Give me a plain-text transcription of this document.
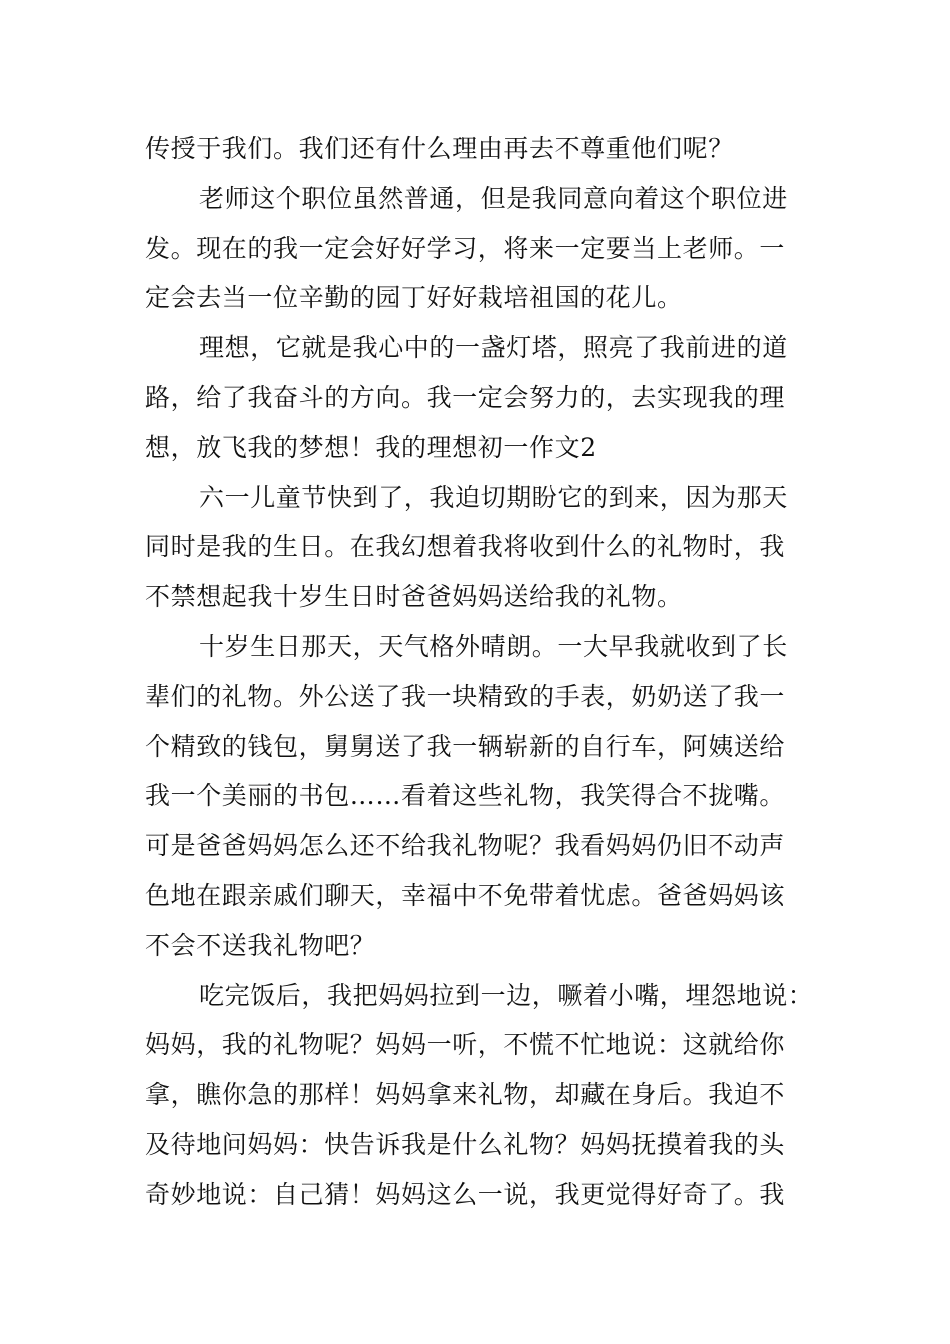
传授于我们。我们还有什么理由再去不尊重他们呢？
老师这个职位虽然普通，但是我同意向着这个职位进
发。现在的我一定会好好学习，将来一定要当上老师。一
定会去当一位辛勤的园丁好好栽培祖国的花儿。
理想，它就是我心中的一盏灯塔，照亮了我前进的道
路，给了我奋斗的方向。我一定会努力的，去实现我的理
想，放飞我的梦想！我的理想初一作文2
六一儿童节快到了，我迫切期盼它的到来，因为那天
同时是我的生日。在我幻想着我将收到什么的礼物时，我
不禁想起我十岁生日时爸爸妈妈送给我的礼物。
十岁生日那天，天气格外晴朗。一大早我就收到了长
辈们的礼物。外公送了我一块精致的手表，奶奶送了我一
个精致的钱包，舅舅送了我一辆崭新的自行车，阿姨送给
我一个美丽的书包……看着这些礼物，我笑得合不拢嘴。
可是爸爸妈妈怎么还不给我礼物呢？我看妈妈仍旧不动声
色地在跟亲戚们聊天，幸福中不免带着忧虑。爸爸妈妈该
不会不送我礼物吧？
吃完饭后，我把妈妈拉到一边，噘着小嘴，埋怨地说：
妈妈，我的礼物呢？妈妈一听，不慌不忙地说：这就给你
拿，瞧你急的那样！妈妈拿来礼物，却藏在身后。我迫不
及待地问妈妈：快告诉我是什么礼物？妈妈抚摸着我的头
奇妙地说：自己猜！妈妈这么一说，我更觉得好奇了。我
